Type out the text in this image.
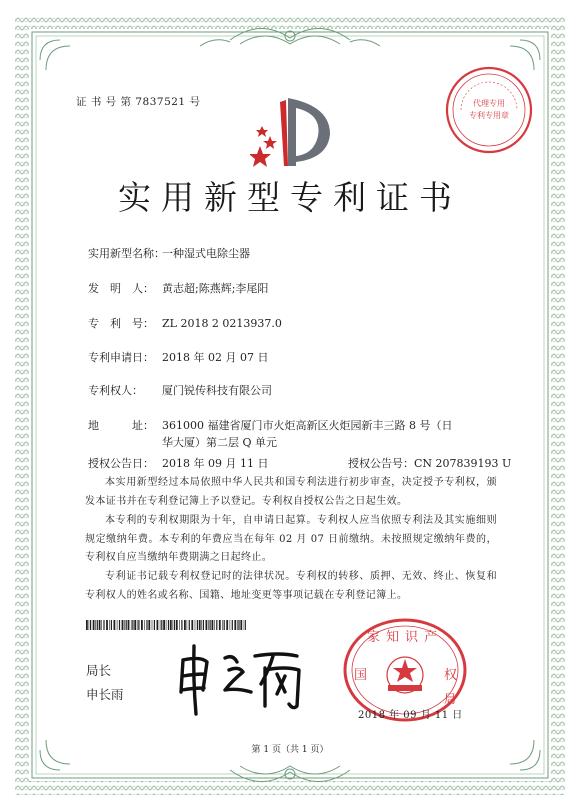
证 书 号 第 7837521 号	代理专用
专利专用章
实用新型专利证书
实用新型名称：一种湿式电除尘器
发　明　人： 黄志超;陈燕辉;李尾阳
专　利　号： ZL 2018 2 0213937.0
专利申请日： 2018 年 02 月 07 日
专利权人： 厦门锐传科技有限公司
地　　　址： 361000 福建省厦门市火炬高新区火炬园新丰三路 8 号（日
华大厦）第二层 Q 单元
授权公告日： 2018 年 09 月 11 日	授权公告号：CN 207839193 U

本实用新型经过本局依照中华人民共和国专利法进行初步审查，决定授予专利权，颁发本证书并在专利登记簿上予以登记。专利权自授权公告之日起生效。

本专利的专利权期限为十年，自申请日起算。专利权人应当依照专利法及其实施细则规定缴纳年费。本专利的年费应当在每年 02 月 07 日前缴纳。未按照规定缴纳年费的，专利权自应当缴纳年费期满之日起终止。

专利证书记载专利权登记时的法律状况。专利权的转移、质押、无效、终止、恢复和专利权人的姓名或名称、国籍、地址变更等事项记载在专利登记簿上。

局长
申长雨
家知识产
国	权
局
2018 年 09 月 11 日
第 1 页（共 1 页）
